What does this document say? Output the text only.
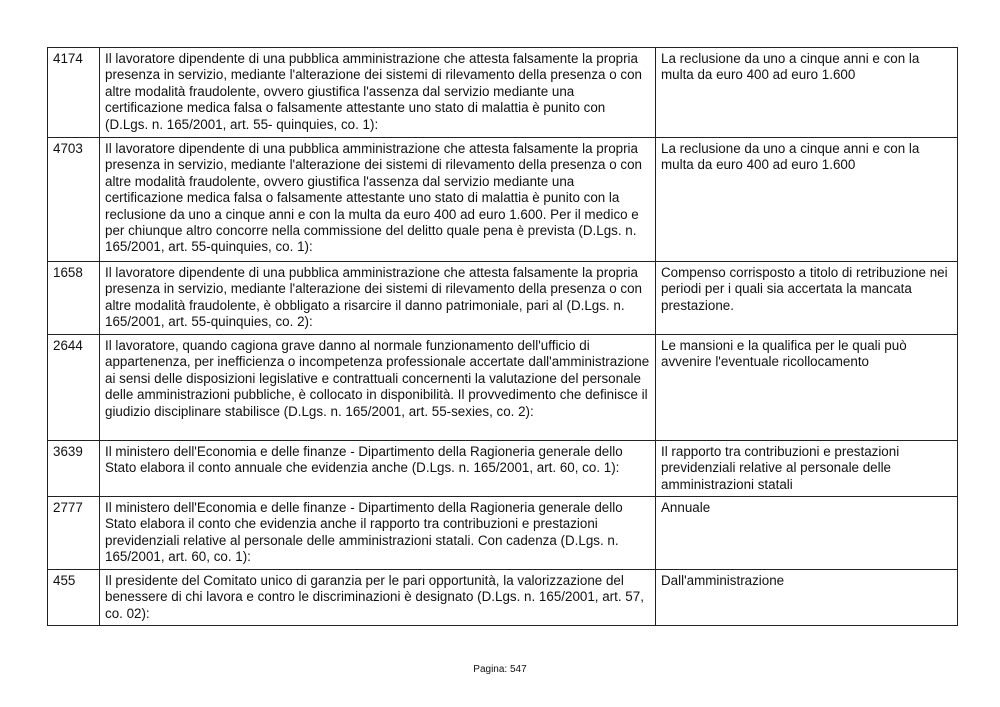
4174	Il lavoratore dipendente di una pubblica amministrazione che attesta falsamente la propria presenza in servizio, mediante l'alterazione dei sistemi di rilevamento della presenza o con altre modalità fraudolente, ovvero giustifica l'assenza dal servizio mediante una certificazione medica falsa o falsamente attestante uno stato di malattia è punito con (D.Lgs. n. 165/2001, art. 55- quinquies, co. 1):	La reclusione da uno a cinque anni e con la multa da euro 400 ad euro 1.600
4703	Il lavoratore dipendente di una pubblica amministrazione che attesta falsamente la propria presenza in servizio, mediante l'alterazione dei sistemi di rilevamento della presenza o con altre modalità fraudolente, ovvero giustifica l'assenza dal servizio mediante una certificazione medica falsa o falsamente attestante uno stato di malattia è punito con la reclusione da uno a cinque anni e con la multa da euro 400 ad euro 1.600. Per il medico e per chiunque altro concorre nella commissione del delitto quale pena è prevista (D.Lgs. n. 165/2001, art. 55-quinquies, co. 1):	La reclusione da uno a cinque anni e con la multa da euro 400 ad euro 1.600
1658	Il lavoratore dipendente di una pubblica amministrazione che attesta falsamente la propria presenza in servizio, mediante l'alterazione dei sistemi di rilevamento della presenza o con altre modalità fraudolente, è obbligato a risarcire il danno patrimoniale, pari al (D.Lgs. n. 165/2001, art. 55-quinquies, co. 2):	Compenso corrisposto a titolo di retribuzione nei periodi per i quali sia accertata la mancata prestazione.
2644	Il lavoratore, quando cagiona grave danno al normale funzionamento dell'ufficio di appartenenza, per inefficienza o incompetenza professionale accertate dall'amministrazione ai sensi delle disposizioni legislative e contrattuali concernenti la valutazione del personale delle amministrazioni pubbliche, è collocato in disponibilità. Il provvedimento che definisce il giudizio disciplinare stabilisce (D.Lgs. n. 165/2001, art. 55-sexies, co. 2):	Le mansioni e la qualifica per le quali può avvenire l'eventuale ricollocamento
3639	Il ministero dell'Economia e delle finanze - Dipartimento della Ragioneria generale dello Stato elabora il conto annuale che evidenzia anche (D.Lgs. n. 165/2001, art. 60, co. 1):	Il rapporto tra contribuzioni e prestazioni previdenziali relative al personale delle amministrazioni statali
2777	Il ministero dell'Economia e delle finanze - Dipartimento della Ragioneria generale dello Stato elabora il conto che evidenzia anche il rapporto tra contribuzioni e prestazioni previdenziali relative al personale delle amministrazioni statali. Con cadenza (D.Lgs. n. 165/2001, art. 60, co. 1):	Annuale
455	Il presidente del Comitato unico di garanzia per le pari opportunità, la valorizzazione del benessere di chi lavora e contro le discriminazioni è designato (D.Lgs. n. 165/2001, art. 57, co. 02):	Dall'amministrazione
Pagina: 547
